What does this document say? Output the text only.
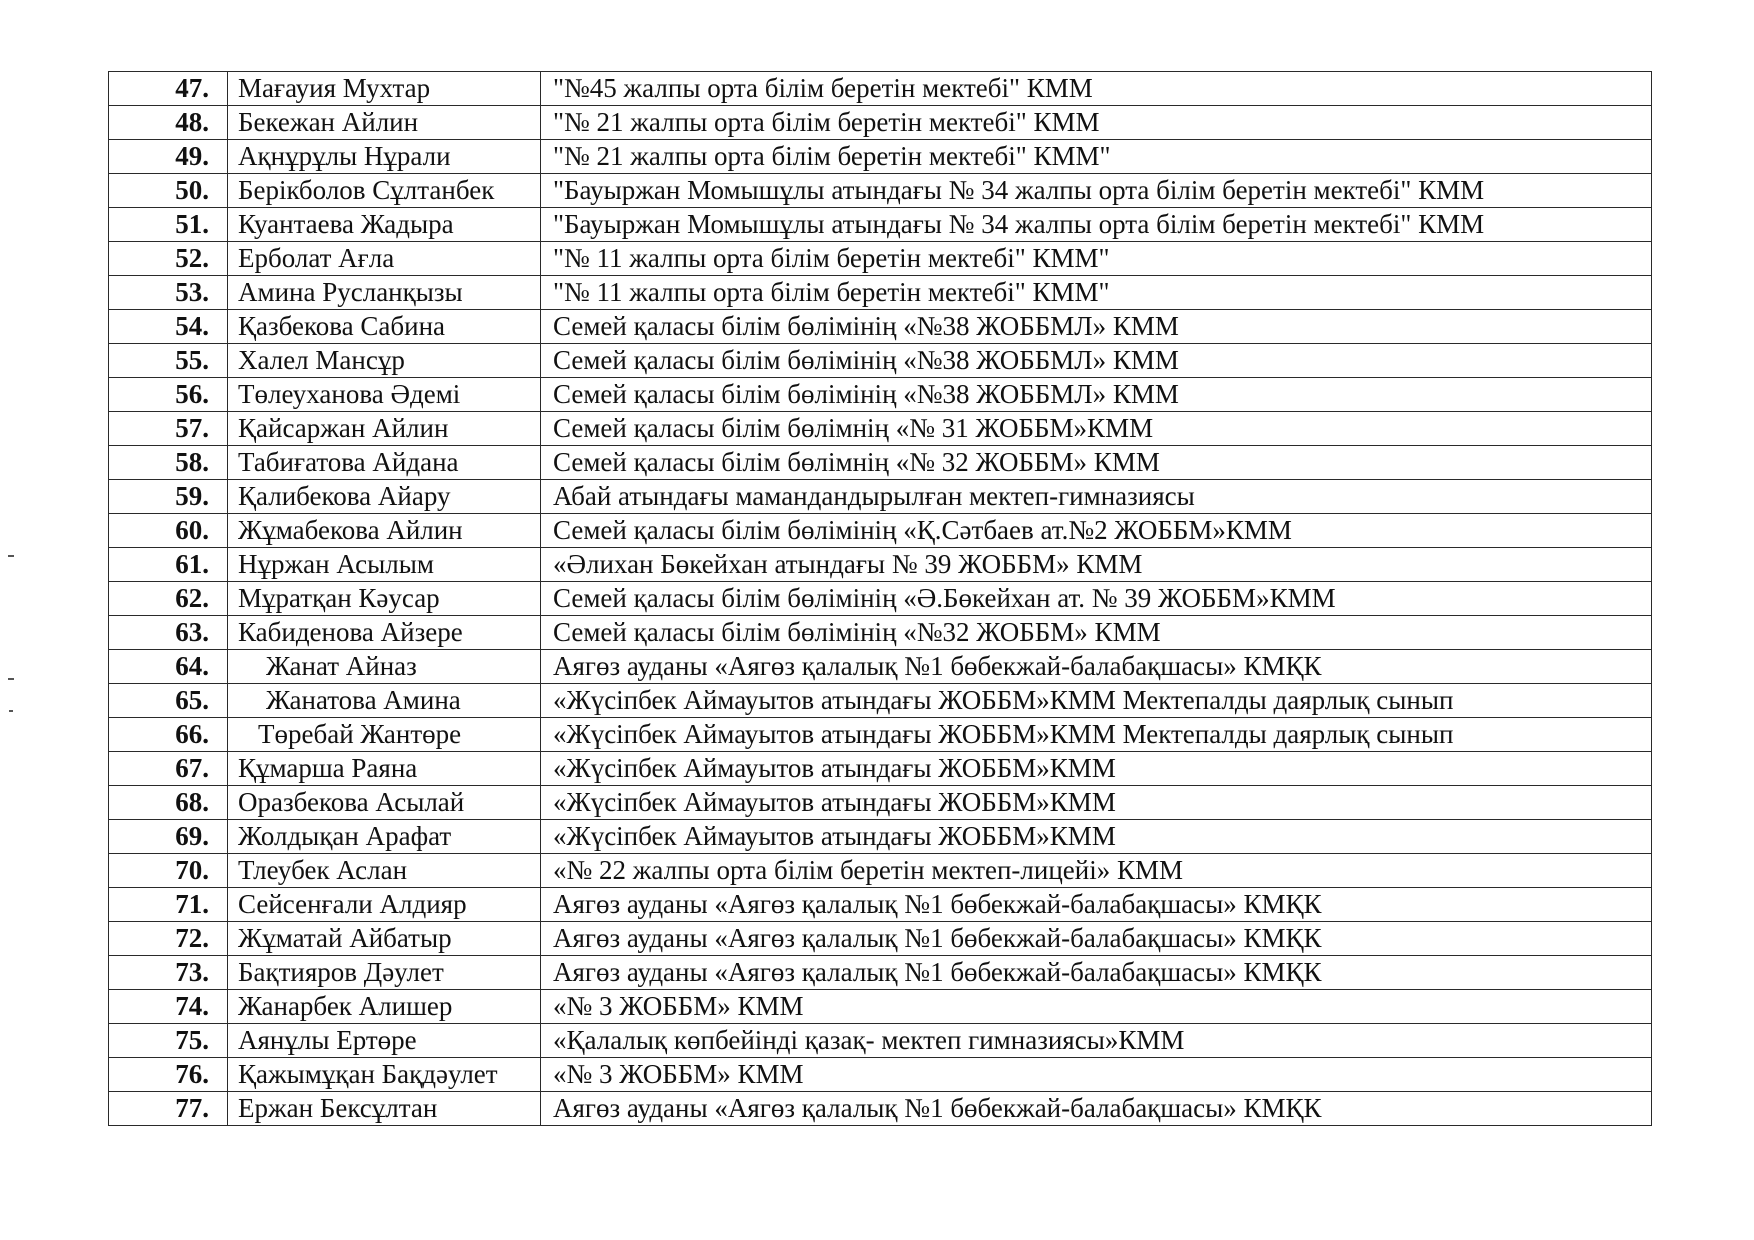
47.	Мағауия Мухтар	"№45 жалпы орта білім беретін мектебі" КММ
48.	Бекежан Айлин	"№ 21 жалпы орта білім беретін мектебі" КММ
49.	Ақнұрұлы Нұрали	"№ 21 жалпы орта білім беретін мектебі" КММ"
50.	Берікболов Сұлтанбек	"Бауыржан Момышұлы атындағы № 34 жалпы орта білім беретін мектебі" КММ
51.	Куантаева Жадыра	"Бауыржан Момышұлы атындағы № 34 жалпы орта білім беретін мектебі" КММ
52.	Ерболат Ағла	"№ 11 жалпы орта білім беретін мектебі" КММ"
53.	Амина Русланқызы	"№ 11 жалпы орта білім беретін мектебі" КММ"
54.	Қазбекова Сабина	Семей қаласы білім бөлімінің «№38 ЖОББМЛ» КММ
55.	Халел Мансұр	Семей қаласы білім бөлімінің «№38 ЖОББМЛ» КММ
56.	Төлеуханова Әдемі	Семей қаласы білім бөлімінің «№38 ЖОББМЛ» КММ
57.	Қайсаржан Айлин	Семей қаласы білім бөлімнің «№ 31 ЖОББМ»КММ
58.	Табиғатова Айдана	Семей қаласы білім бөлімнің «№ 32 ЖОББМ» КММ
59.	Қалибекова Айару	Абай атындағы мамандандырылған мектеп-гимназиясы
60.	Жұмабекова Айлин	Семей қаласы білім бөлімінің «Қ.Сәтбаев ат.№2 ЖОББМ»КММ
61.	Нұржан Асылым	«Әлихан Бөкейхан атындағы № 39 ЖОББМ» КММ
62.	Мұратқан Кәусар	Семей қаласы білім бөлімінің «Ә.Бөкейхан ат. № 39 ЖОББМ»КММ
63.	Кабиденова Айзере	Семей қаласы білім бөлімінің «№32 ЖОББМ» КММ
64.	Жанат Айназ	Аягөз ауданы «Аягөз қалалық №1 бөбекжай-балабақшасы» КМҚК
65.	Жанатова Амина	«Жүсіпбек Аймауытов атындағы ЖОББМ»КММ Мектепалды даярлық сынып
66.	Төребай Жантөре	«Жүсіпбек Аймауытов атындағы ЖОББМ»КММ Мектепалды даярлық сынып
67.	Құмарша Раяна	«Жүсіпбек Аймауытов атындағы ЖОББМ»КММ
68.	Оразбекова Асылай	«Жүсіпбек Аймауытов атындағы ЖОББМ»КММ
69.	Жолдықан Арафат	«Жүсіпбек Аймауытов атындағы ЖОББМ»КММ
70.	Тлеубек Аслан	«№ 22 жалпы орта білім беретін мектеп-лицейі» КММ
71.	Сейсенғали Алдияр	Аягөз ауданы «Аягөз қалалық №1 бөбекжай-балабақшасы» КМҚК
72.	Жұматай Айбатыр	Аягөз ауданы «Аягөз қалалық №1 бөбекжай-балабақшасы» КМҚК
73.	Бақтияров Дәулет	Аягөз ауданы «Аягөз қалалық №1 бөбекжай-балабақшасы» КМҚК
74.	Жанарбек Алишер	«№ 3 ЖОББМ» КММ
75.	Аянұлы Ертөре	«Қалалық көпбейінді қазақ- мектеп гимназиясы»КММ
76.	Қажымұқан Бақдәулет	«№ 3 ЖОББМ» КММ
77.	Ержан Бексұлтан	Аягөз ауданы «Аягөз қалалық №1 бөбекжай-балабақшасы» КМҚК
